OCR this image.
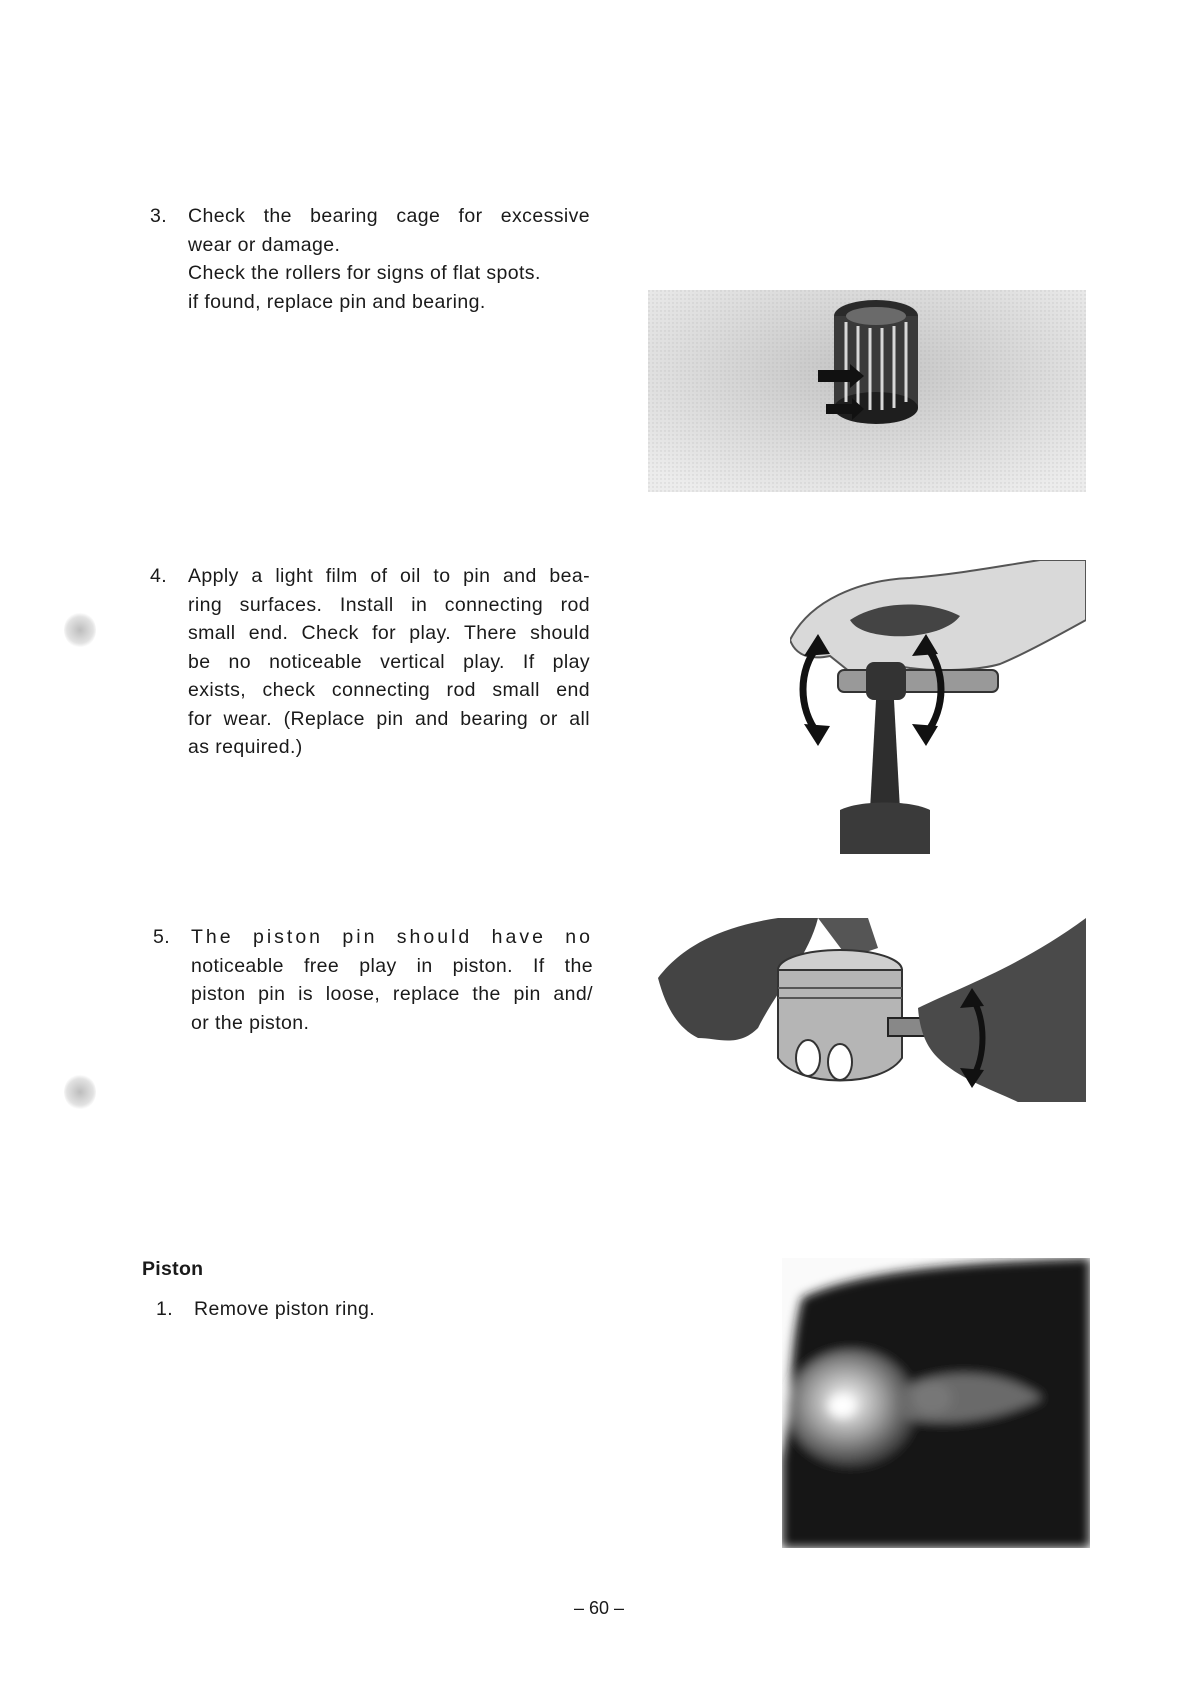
3. Check the bearing cage for excessive
wear or damage.
Check the rollers for signs of flat spots.
if found, replace pin and bearing.
4. Apply a light film of oil to pin and bea-
ring surfaces. Install in connecting rod
small end. Check for play. There should
be no noticeable vertical play. If play
exists, check connecting rod small end
for wear. (Replace pin and bearing or all
as required.)
5. The piston pin should have no
noticeable free play in piston. If the
piston pin is loose, replace the pin and/
or the piston.
Piston
1. Remove piston ring.
– 60 –
